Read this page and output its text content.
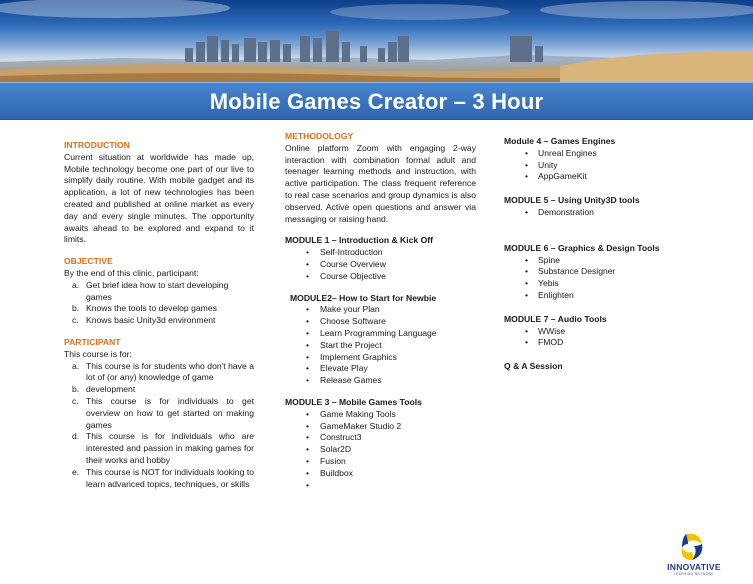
Mobile Games Creator – 3 Hour
INTRODUCTION
Current situation at worldwide has made up, Mobile technology become one part of our live to simplify daily routine. With mobile gadget and its application, a lot of new technologies has been created and published at online market as every day and every single minutes. The opportunity awaits ahead to be explored and expand to it limits.
OBJECTIVE
By the end of this clinic, participant:
a. Get brief idea how to start developing games
b. Knows the tools to develop games
c. Knows basic Unity3d environment
PARTICIPANT
This course is for:
a. This course is for students who don't have a lot of (or any) knowledge of game
b. development
c. This course is for individuals to get overview on how to get started on making games
d. This course is for individuals who are interested and passion in making games for their works and hobby
e. This course is NOT for individuals looking to learn advanced topics, techniques, or skills
METHODOLOGY
Online platform Zoom with engaging 2-way interaction with combination formal adult and teenager learning methods and instruction, with active participation. The class frequent reference to real case scenarios and group dynamics is also observed. Active open questions and answer via messaging or raising hand.
MODULE 1 – Introduction & Kick Off
• Self-Introduction
• Course Overview
• Course Objective
MODULE2– How to Start for Newbie
• Make your Plan
• Choose Software
• Learn Programming Language
• Start the Project
• Implement Graphics
• Elevate Play
• Release Games
MODULE 3 – Mobile Games Tools
• Game Making Tools
• GameMaker Studio 2
• Construct3
• Solar2D
• Fusion
• Buildbox
•
Module 4 – Games Engines
• Unreal Engines
• Unity
• AppGameKit
MODULE 5 – Using Unity3D tools
• Demonstration
MODULE 6 – Graphics & Design Tools
• Spine
• Substance Designer
• Yebis
• Enlighten
MODULE 7 – Audio Tools
• WWise
• FMOD
Q & A Session
INNOVATIVE
LEARNING NETWORK
